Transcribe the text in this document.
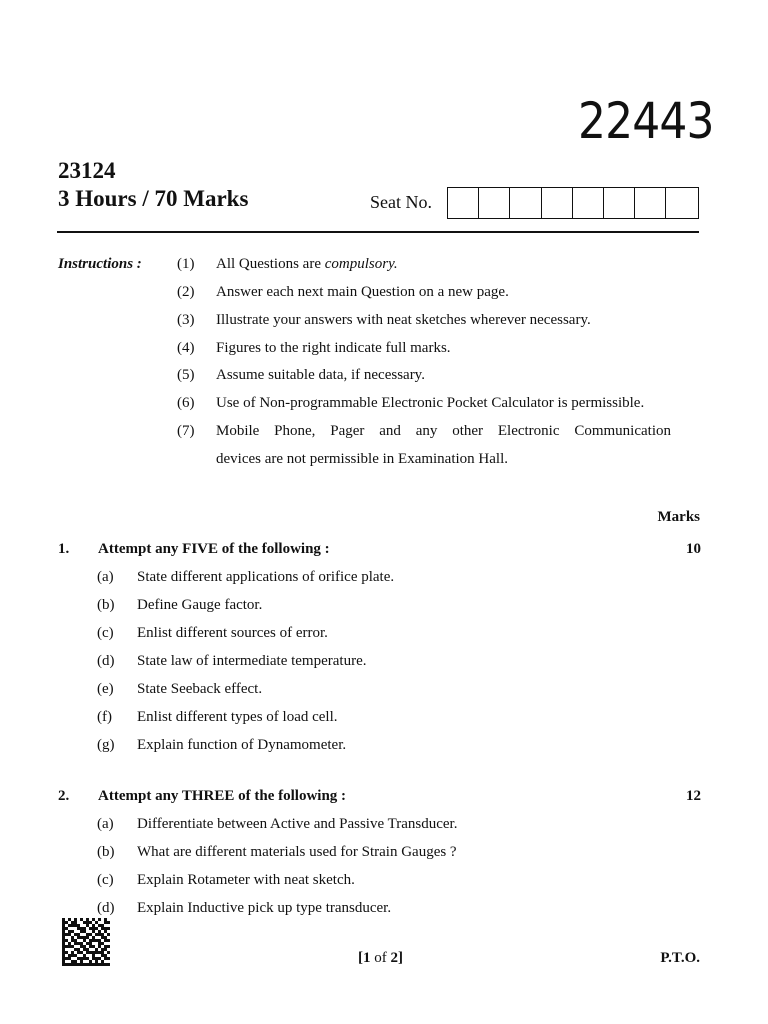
22443
23124
3 Hours / 70 Marks	Seat No.
Instructions : (1) All Questions are compulsory.
(2) Answer each next main Question on a new page.
(3) Illustrate your answers with neat sketches wherever necessary.
(4) Figures to the right indicate full marks.
(5) Assume suitable data, if necessary.
(6) Use of Non-programmable Electronic Pocket Calculator is permissible.
(7) Mobile Phone, Pager and any other Electronic Communication
devices are not permissible in Examination Hall.
Marks
1. Attempt any FIVE of the following :	10
(a) State different applications of orifice plate.
(b) Define Gauge factor.
(c) Enlist different sources of error.
(d) State law of intermediate temperature.
(e) State Seeback effect.
(f) Enlist different types of load cell.
(g) Explain function of Dynamometer.
2. Attempt any THREE of the following :	12
(a) Differentiate between Active and Passive Transducer.
(b) What are different materials used for Strain Gauges ?
(c) Explain Rotameter with neat sketch.
(d) Explain Inductive pick up type transducer.
[1 of 2]	P.T.O.
